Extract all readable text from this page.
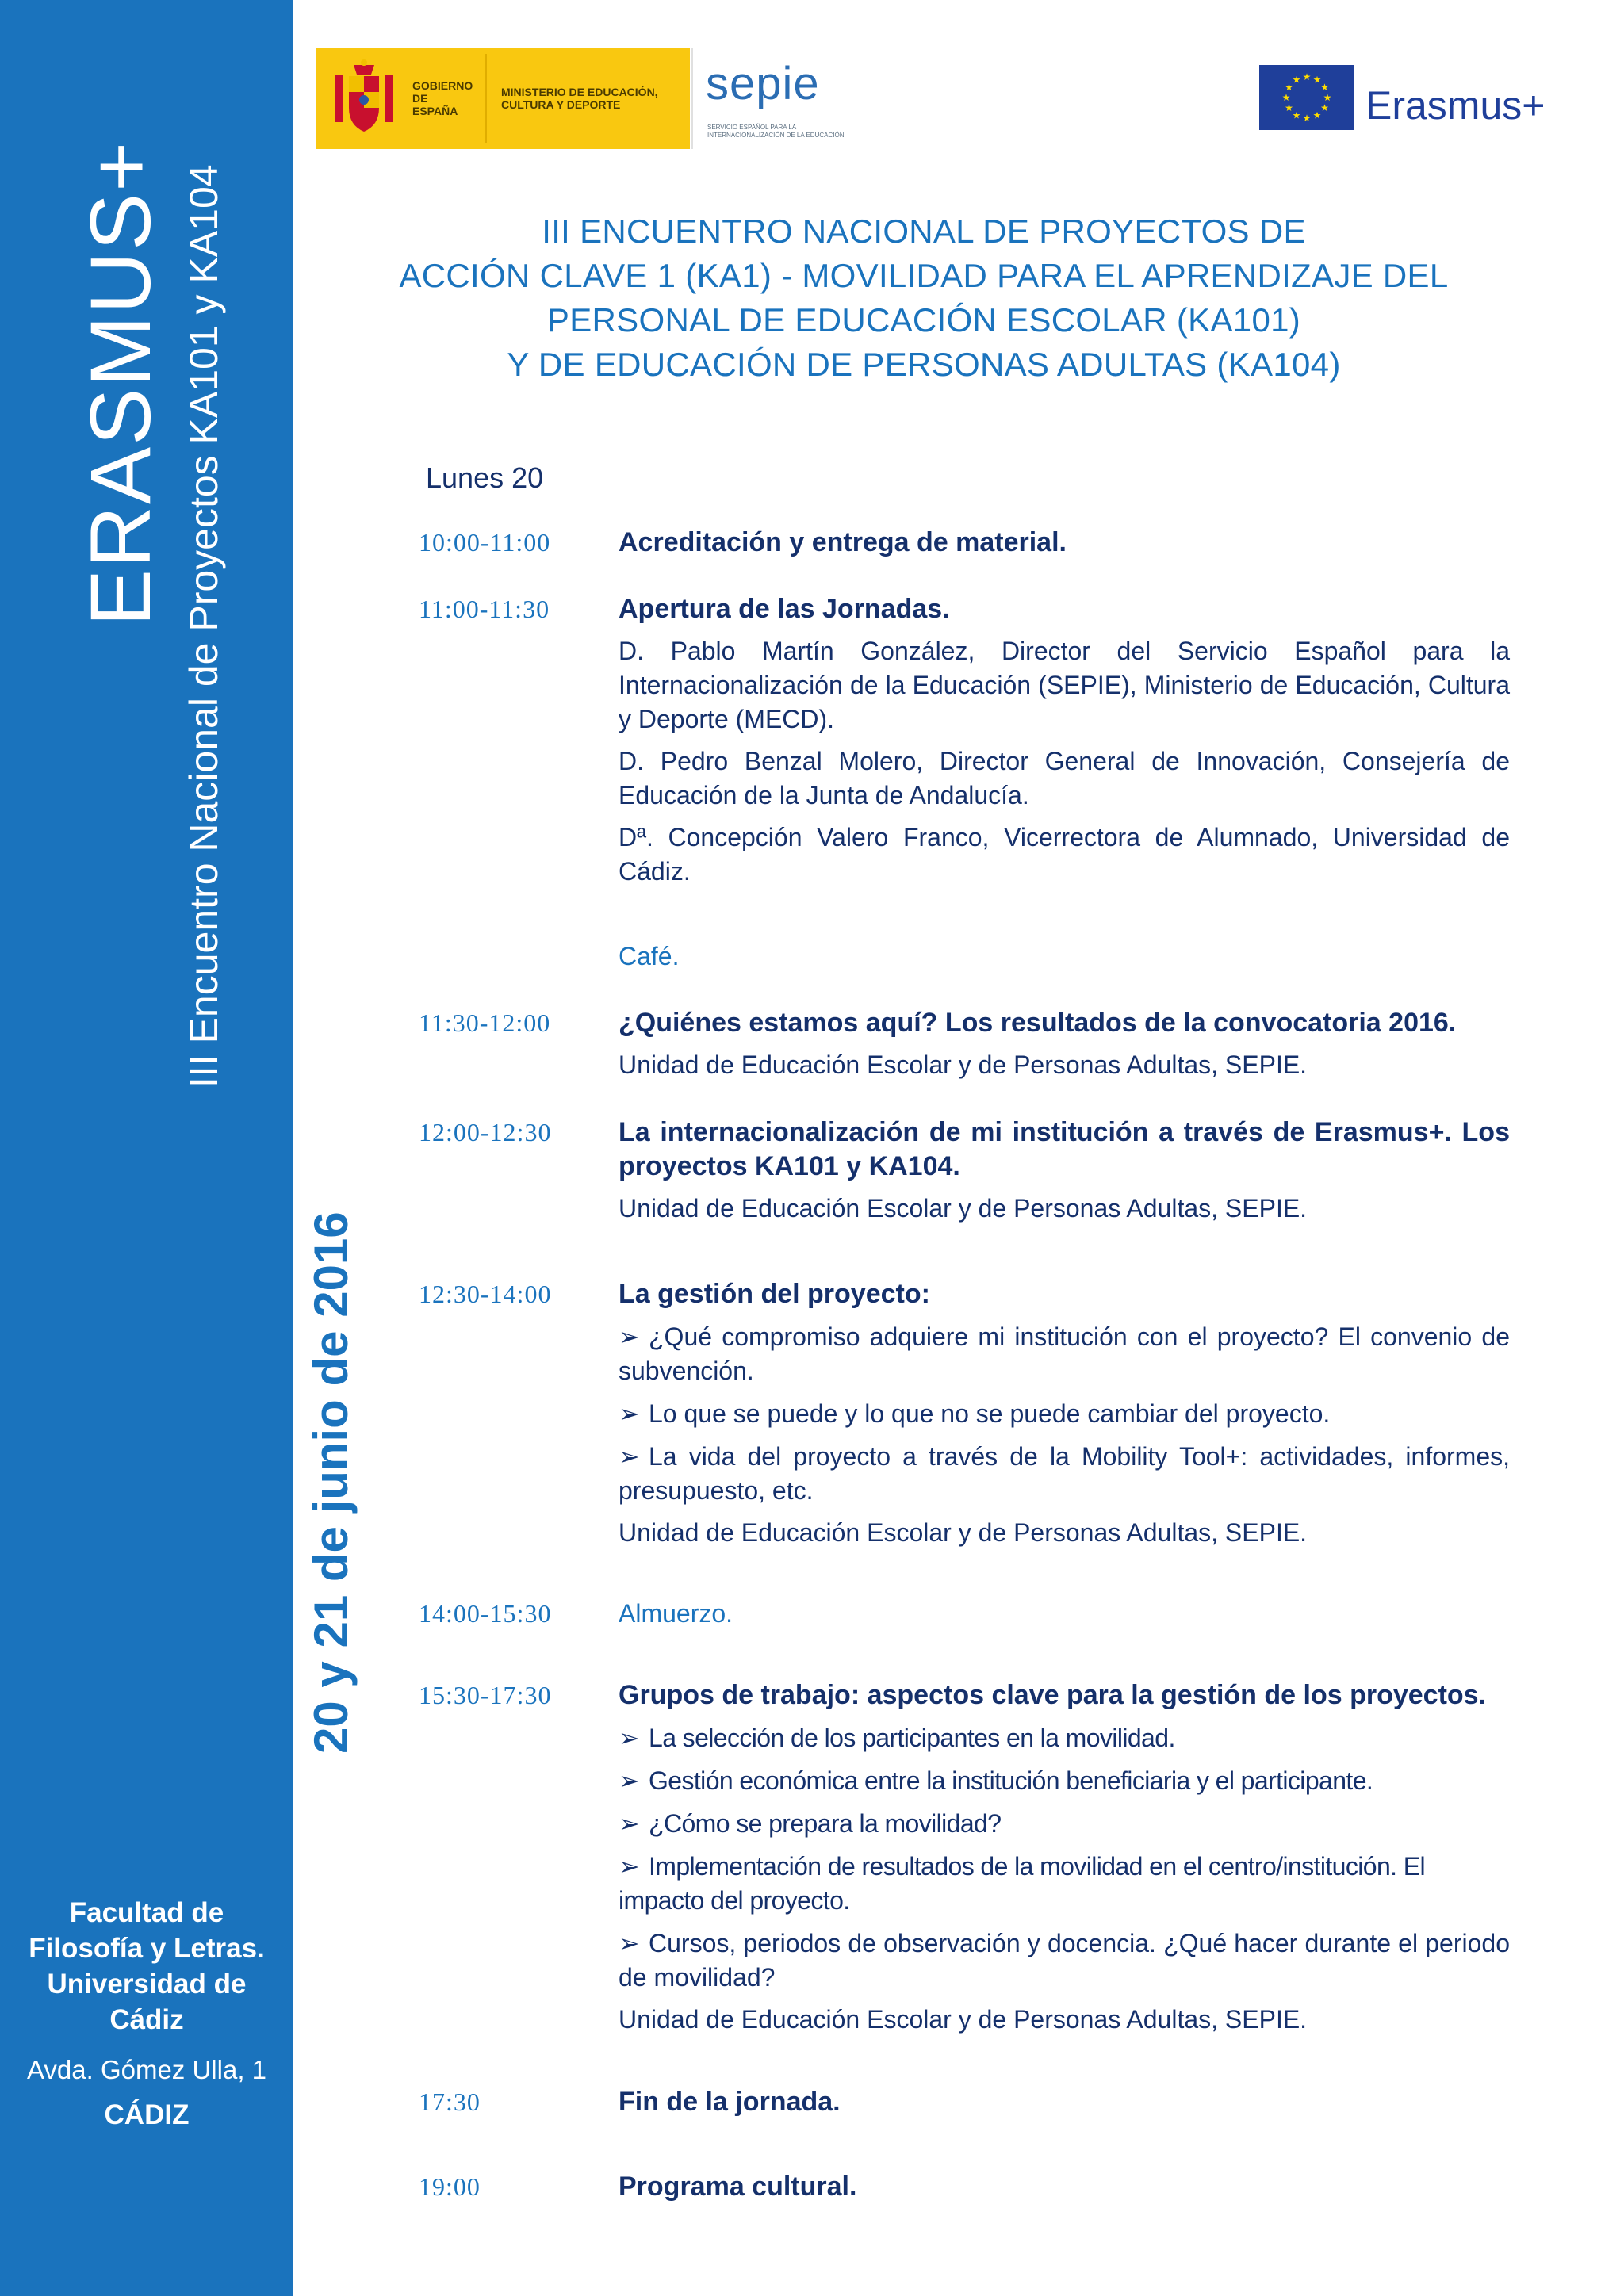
ERASMUS+ III Encuentro Nacional de Proyectos KA101 y KA104
Facultad de
Filosofía y Letras.
Universidad de
Cádiz
Avda. Gómez Ulla, 1
CÁDIZ
20 y 21 de junio de 2016
GOBIERNO DE ESPAÑA
MINISTERIO DE EDUCACIÓN, CULTURA Y DEPORTE	sepie
SERVICIO ESPAÑOL PARA LA INTERNACIONALIZACIÓN DE LA EDUCACIÓN
★ ★
★
★
★
★
★
★
★
★
★
★
Erasmus+
III ENCUENTRO NACIONAL DE PROYECTOS DE
ACCIÓN CLAVE 1 (KA1) - MOVILIDAD PARA EL APRENDIZAJE DEL
PERSONAL DE EDUCACIÓN ESCOLAR (KA101)
Y DE EDUCACIÓN DE PERSONAS ADULTAS (KA104)
Lunes 20
10:00-11:00	Acreditación y entrega de material.
11:00-11:30	Apertura de las Jornadas.
D. Pablo Martín González, Director del Servicio Español para la Internacionalización de la Educación (SEPIE), Ministerio de Educación, Cultura y Deporte (MECD).
D. Pedro Benzal Molero, Director General de Innovación, Consejería de Educación de la Junta de Andalucía.
Dª. Concepción Valero Franco, Vicerrectora de Alumnado, Universidad de Cádiz.
Café.
11:30-12:00	¿Quiénes estamos aquí? Los resultados de la convocatoria 2016.
Unidad de Educación Escolar y de Personas Adultas, SEPIE.
12:00-12:30	La internacionalización de mi institución a través de Erasmus+. Los proyectos KA101 y KA104.
Unidad de Educación Escolar y de Personas Adultas, SEPIE.
12:30-14:00	La gestión del proyecto:
➢ ¿Qué compromiso adquiere mi institución con el proyecto? El convenio de subvención.
➢ Lo que se puede y lo que no se puede cambiar del proyecto.
➢ La vida del proyecto a través de la Mobility Tool+: actividades, informes, presupuesto, etc.
Unidad de Educación Escolar y de Personas Adultas, SEPIE.
14:00-15:30	Almuerzo.
15:30-17:30	Grupos de trabajo: aspectos clave para la gestión de los proyectos.
➢ La selección de los participantes en la movilidad.
➢ Gestión económica entre la institución beneficiaria y el participante.
➢ ¿Cómo se prepara la movilidad?
➢ Implementación de resultados de la movilidad en el centro/institución. El impacto del proyecto.
➢ Cursos, periodos de observación y docencia. ¿Qué hacer durante el periodo de movilidad?
Unidad de Educación Escolar y de Personas Adultas, SEPIE.
17:30	Fin de la jornada.
19:00	Programa cultural.
